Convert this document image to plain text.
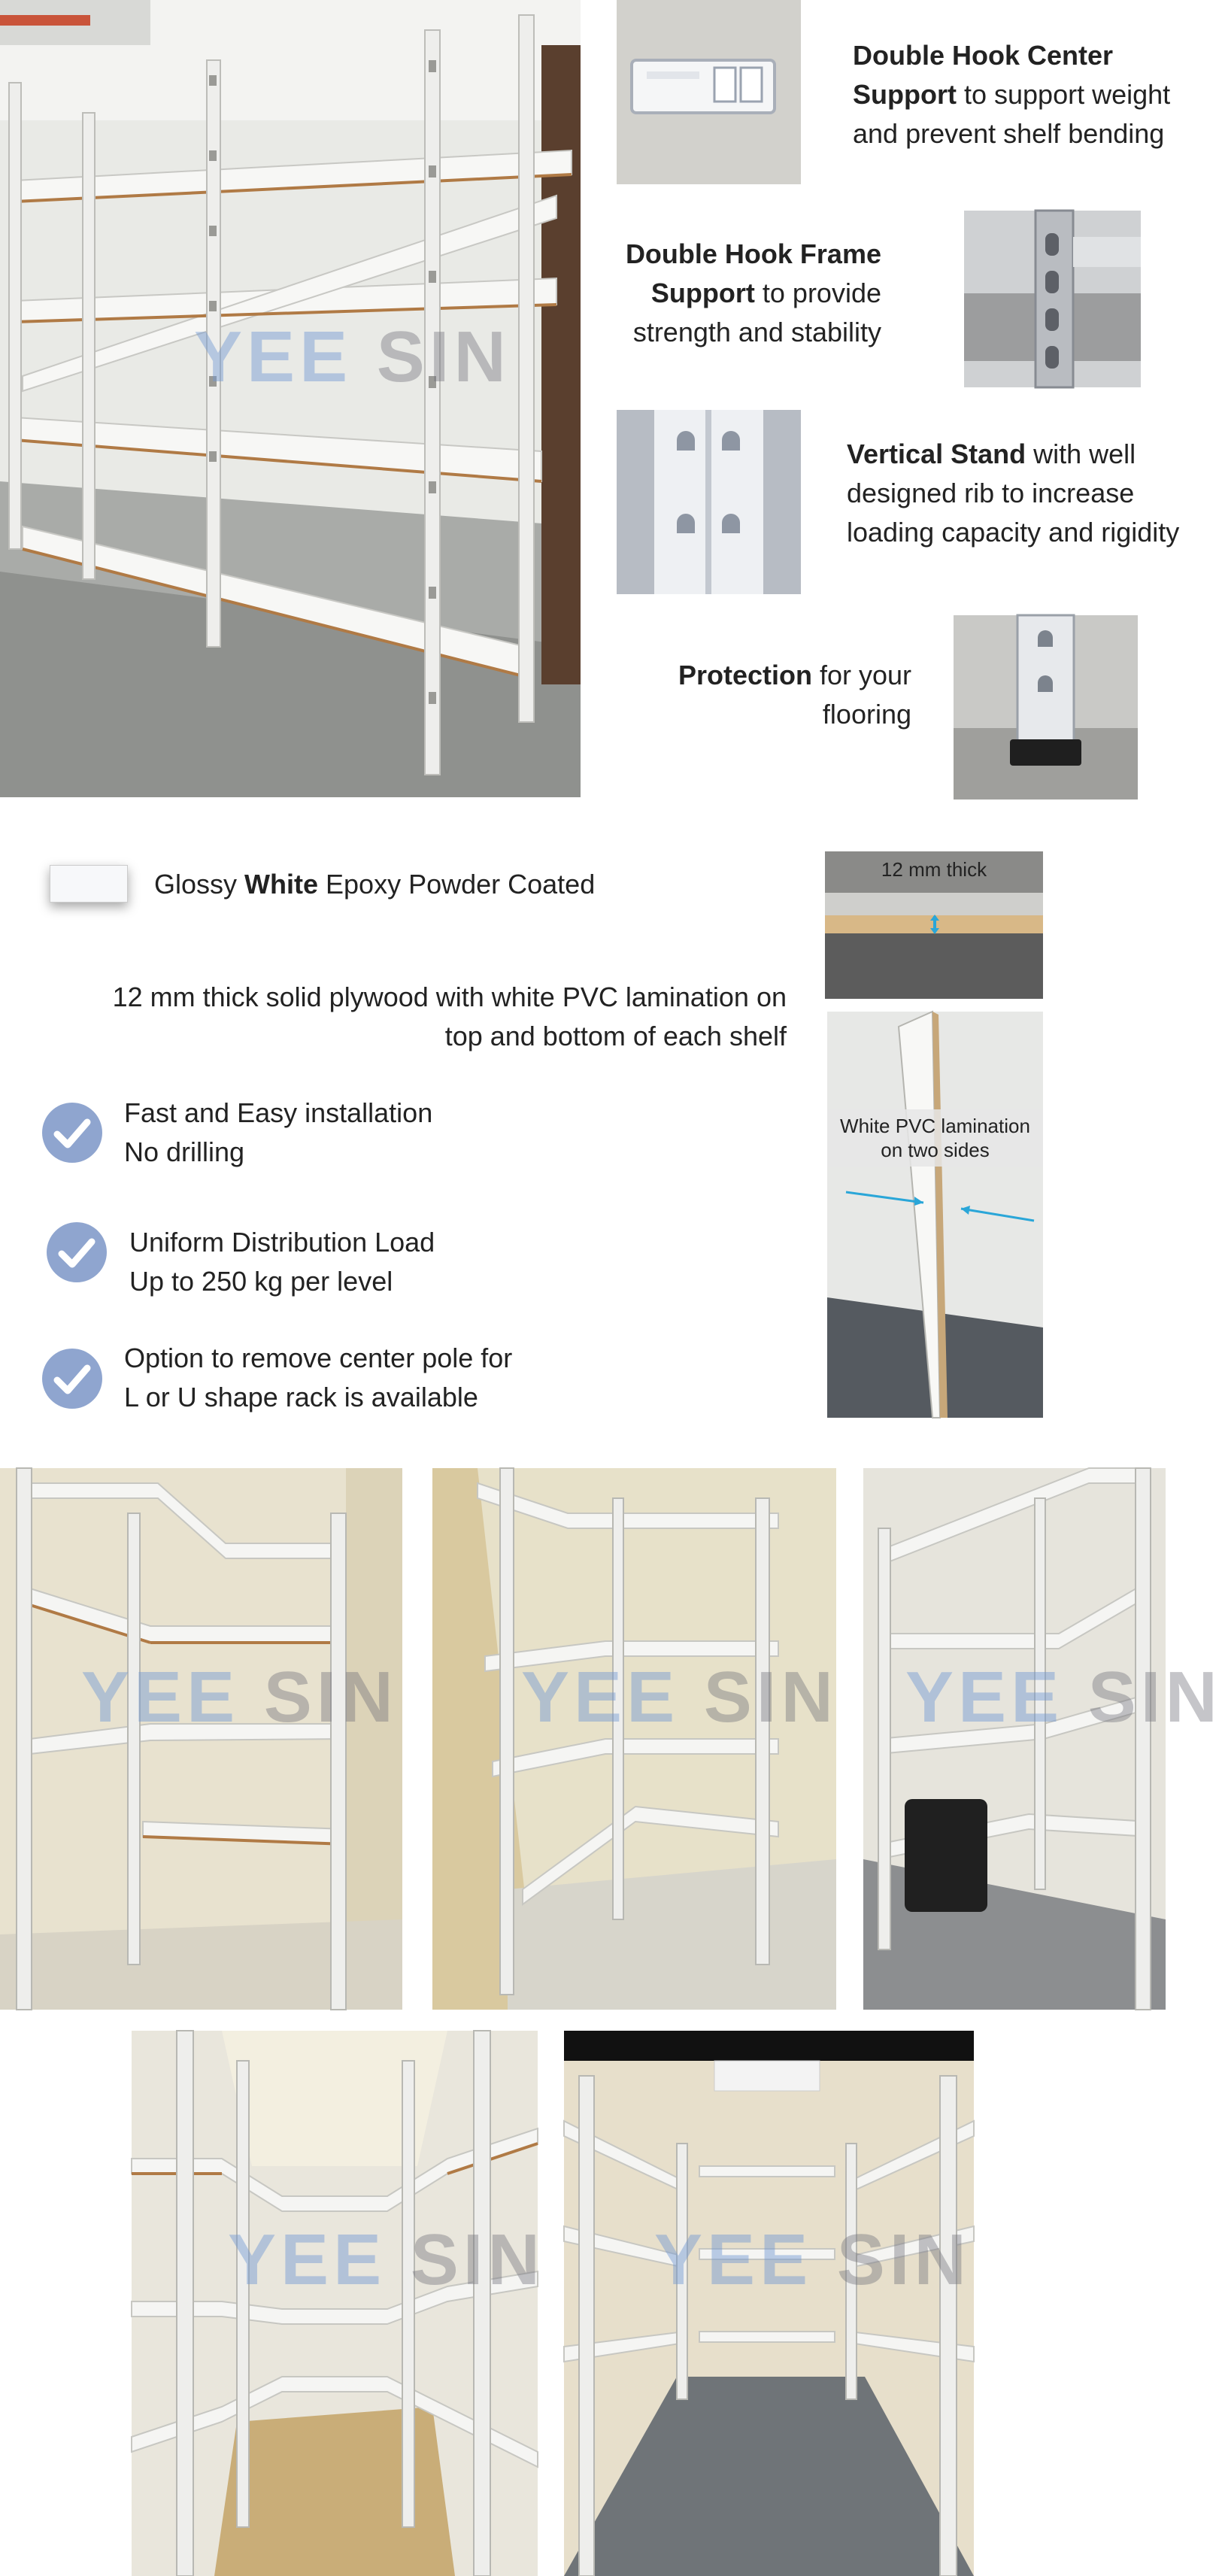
YEE SIN
Double Hook Center Support to support weight and prevent shelf bending
Double Hook Frame Support to provide strength and stability
Vertical Stand with well designed rib to increase loading capacity and rigidity
Protection for your flooring
Glossy White Epoxy Powder Coated
12 mm thick solid plywood with white PVC lamination on top and bottom of each shelf
Fast and Easy installation
No drilling
Uniform Distribution Load
Up to 250 kg per level
Option to remove center pole for
L or U shape rack is available
12 mm thick
White PVC lamination
on two sides
YEE SIN YEE SIN YEE SIN
YEE SIN YEE SIN
